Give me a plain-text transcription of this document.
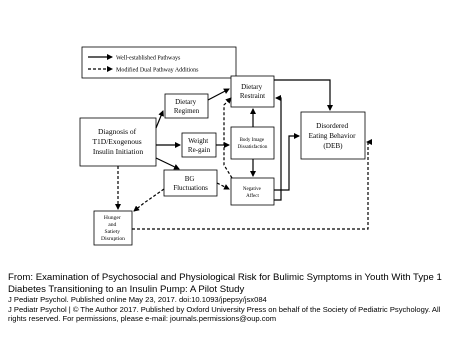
Well-established Pathways
Modified Dual Pathway Additions
Diagnosis of T1D/Exogenous Insulin Initiation
Dietary Regimen
Weight Re-gain
BG Fluctuations
Dietary Restraint
Body Image Dissatisfaction
Negative Affect
Disordered Eating Behavior (DEB)
Hunger and Satiety Disruption

From: Examination of Psychosocial and Physiological Risk for Bulimic Symptoms in Youth With Type 1 Diabetes Transitioning to an Insulin Pump: A Pilot Study

J Pediatr Psychol. Published online May 23, 2017. doi:10.1093/jpepsy/jsx084

J Pediatr Psychol | © The Author 2017. Published by Oxford University Press on behalf of the Society of Pediatric Psychology. All rights reserved. For permissions, please e-mail: journals.permissions@oup.com
